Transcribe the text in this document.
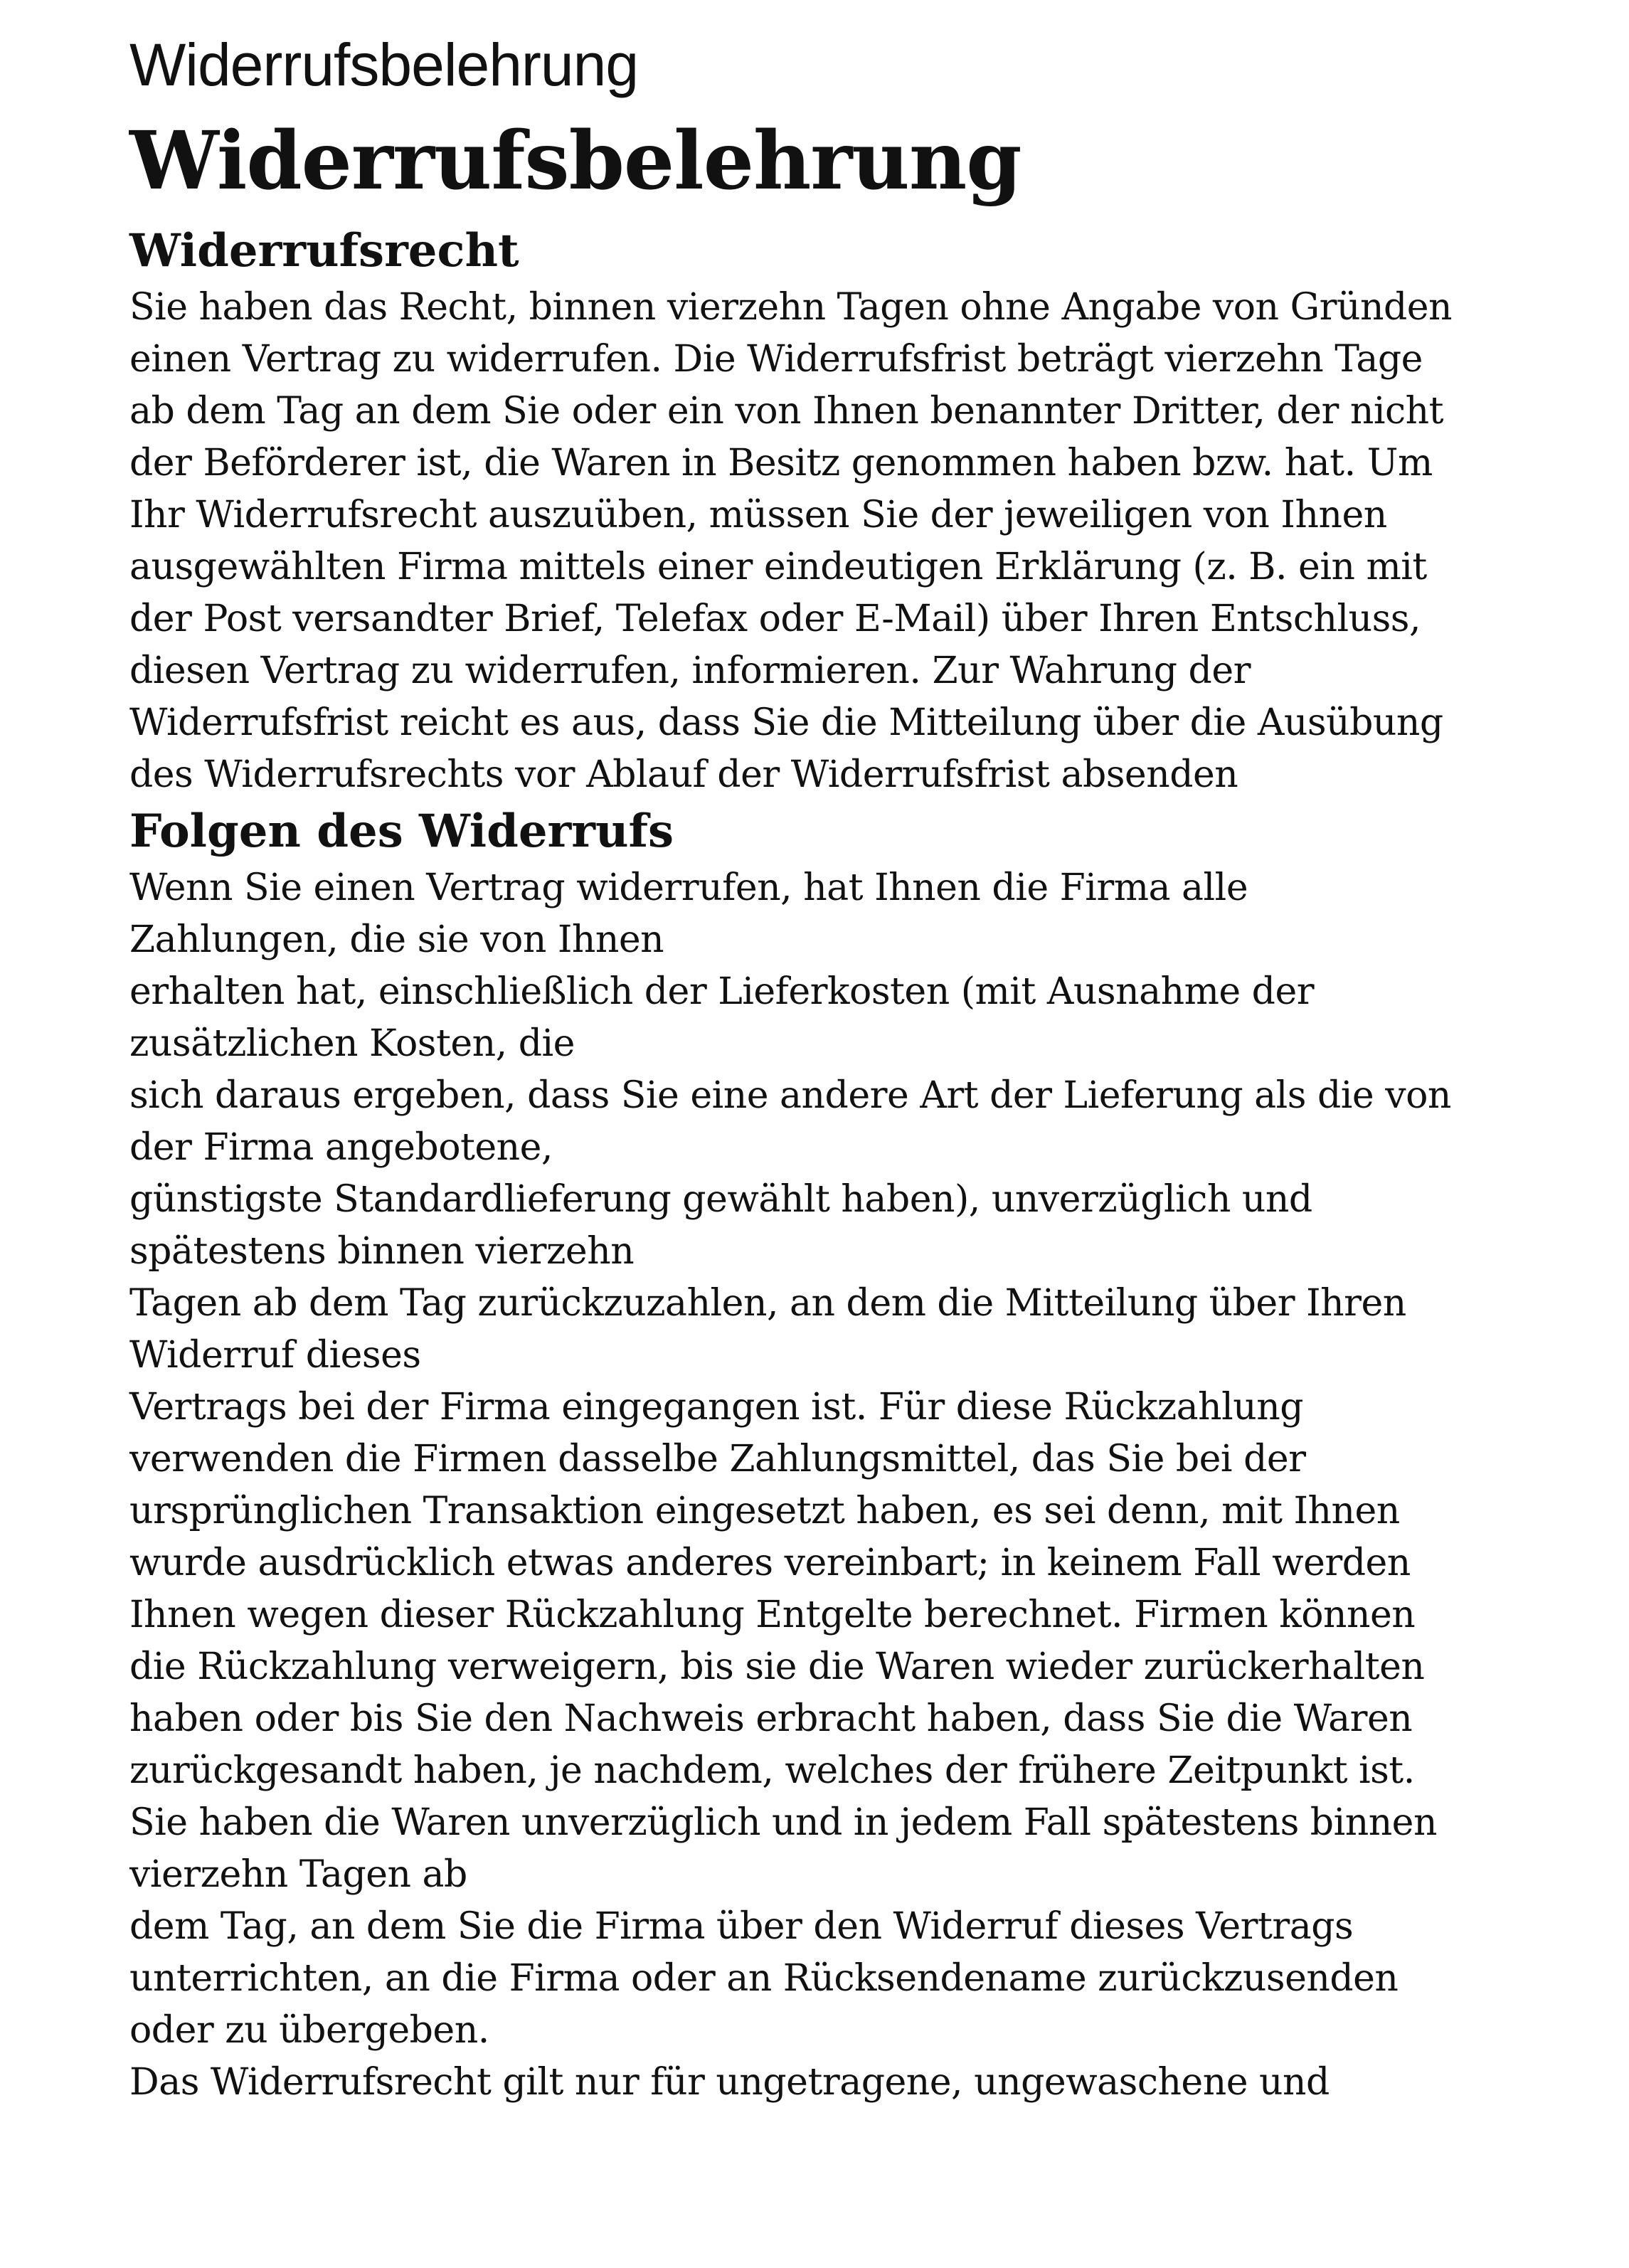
Widerrufsbelehrung
Widerrufsbelehrung
Widerrufsrecht

Sie haben das Recht, binnen vierzehn Tagen ohne Angabe von Gründen
einen Vertrag zu widerrufen. Die Widerrufsfrist beträgt vierzehn Tage
ab dem Tag an dem Sie oder ein von Ihnen benannter Dritter, der nicht
der Beförderer ist, die Waren in Besitz genommen haben bzw. hat. Um
Ihr Widerrufsrecht auszuüben, müssen Sie der jeweiligen von Ihnen
ausgewählten Firma mittels einer eindeutigen Erklärung (z. B. ein mit
der Post versandter Brief, Telefax oder E-Mail) über Ihren Entschluss,
diesen Vertrag zu widerrufen, informieren. Zur Wahrung der
Widerrufsfrist reicht es aus, dass Sie die Mitteilung über die Ausübung
des Widerrufsrechts vor Ablauf der Widerrufsfrist absenden

Folgen des Widerrufs

Wenn Sie einen Vertrag widerrufen, hat Ihnen die Firma alle
Zahlungen, die sie von Ihnen
erhalten hat, einschließlich der Lieferkosten (mit Ausnahme der
zusätzlichen Kosten, die
sich daraus ergeben, dass Sie eine andere Art der Lieferung als die von
der Firma angebotene,
günstigste Standardlieferung gewählt haben), unverzüglich und
spätestens binnen vierzehn
Tagen ab dem Tag zurückzuzahlen, an dem die Mitteilung über Ihren
Widerruf dieses
Vertrags bei der Firma eingegangen ist. Für diese Rückzahlung
verwenden die Firmen dasselbe Zahlungsmittel, das Sie bei der
ursprünglichen Transaktion eingesetzt haben, es sei denn, mit Ihnen
wurde ausdrücklich etwas anderes vereinbart; in keinem Fall werden
Ihnen wegen dieser Rückzahlung Entgelte berechnet. Firmen können
die Rückzahlung verweigern, bis sie die Waren wieder zurückerhalten
haben oder bis Sie den Nachweis erbracht haben, dass Sie die Waren
zurückgesandt haben, je nachdem, welches der frühere Zeitpunkt ist.
Sie haben die Waren unverzüglich und in jedem Fall spätestens binnen
vierzehn Tagen ab
dem Tag, an dem Sie die Firma über den Widerruf dieses Vertrags
unterrichten, an die Firma oder an Rücksendename zurückzusenden
oder zu übergeben.
Das Widerrufsrecht gilt nur für ungetragene, ungewaschene und
